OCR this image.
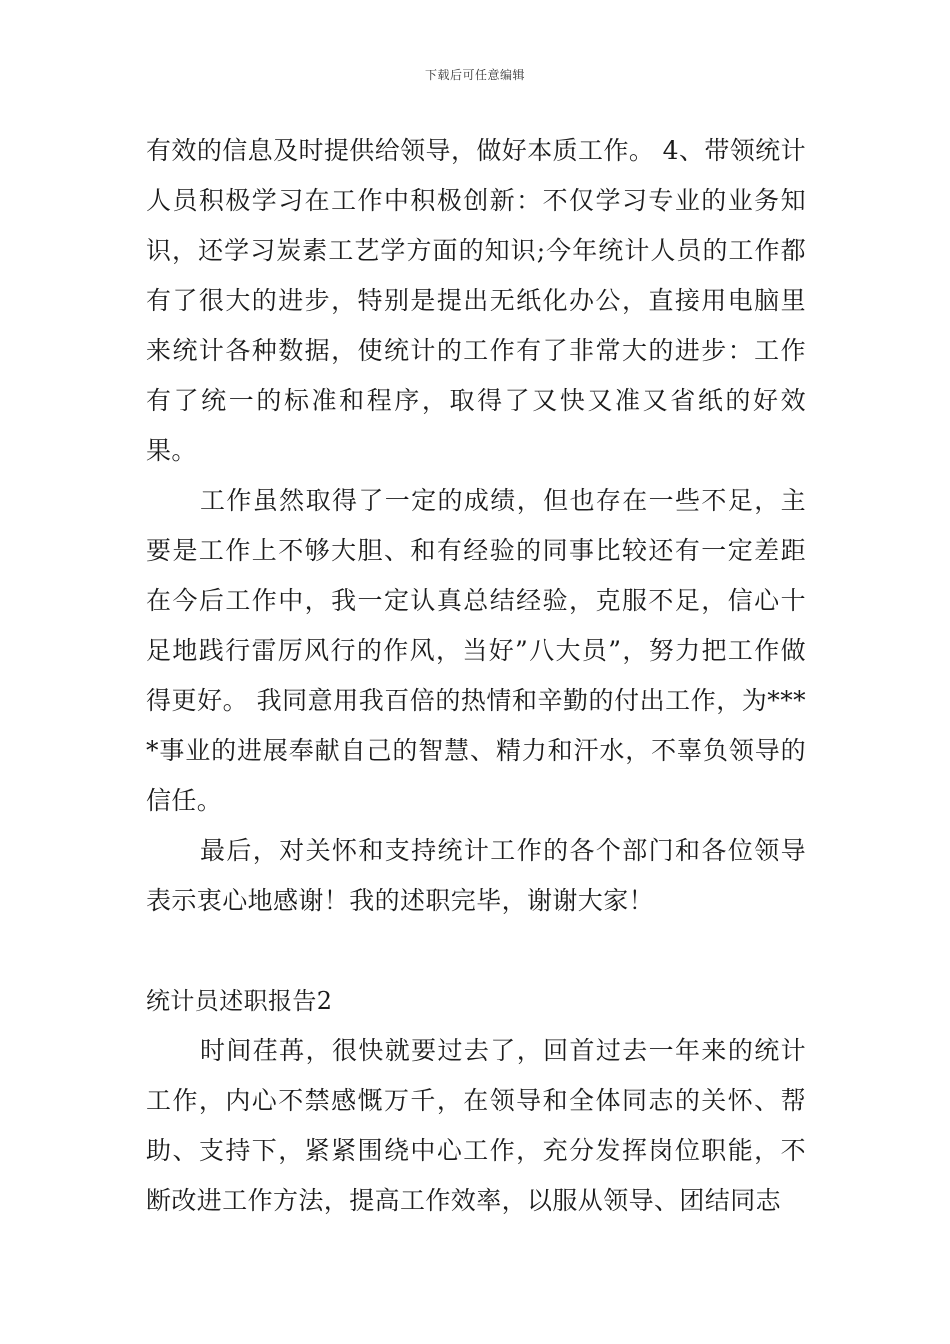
下载后可任意编辑

有效的信息及时提供给领导，做好本质工作。 4、带领统计人员积极学习在工作中积极创新：不仅学习专业的业务知识，还学习炭素工艺学方面的知识;今年统计人员的工作都有了很大的进步，特别是提出无纸化办公，直接用电脑里来统计各种数据，使统计的工作有了非常大的进步：工作有了统一的标准和程序，取得了又快又准又省纸的好效果。

工作虽然取得了一定的成绩，但也存在一些不足，主要是工作上不够大胆、和有经验的同事比较还有一定差距在今后工作中，我一定认真总结经验，克服不足，信心十足地践行雷厉风行的作风，当好”八大员”，努力把工作做得更好。 我同意用我百倍的热情和辛勤的付出工作，为****事业的进展奉献自己的智慧、精力和汗水，不辜负领导的信任。

最后，对关怀和支持统计工作的各个部门和各位领导表示衷心地感谢！我的述职完毕，谢谢大家！

统计员述职报告2

时间荏苒，很快就要过去了，回首过去一年来的统计工作，内心不禁感慨万千，在领导和全体同志的关怀、帮助、支持下，紧紧围绕中心工作，充分发挥岗位职能，不断改进工作方法，提高工作效率，以服从领导、团结同志
